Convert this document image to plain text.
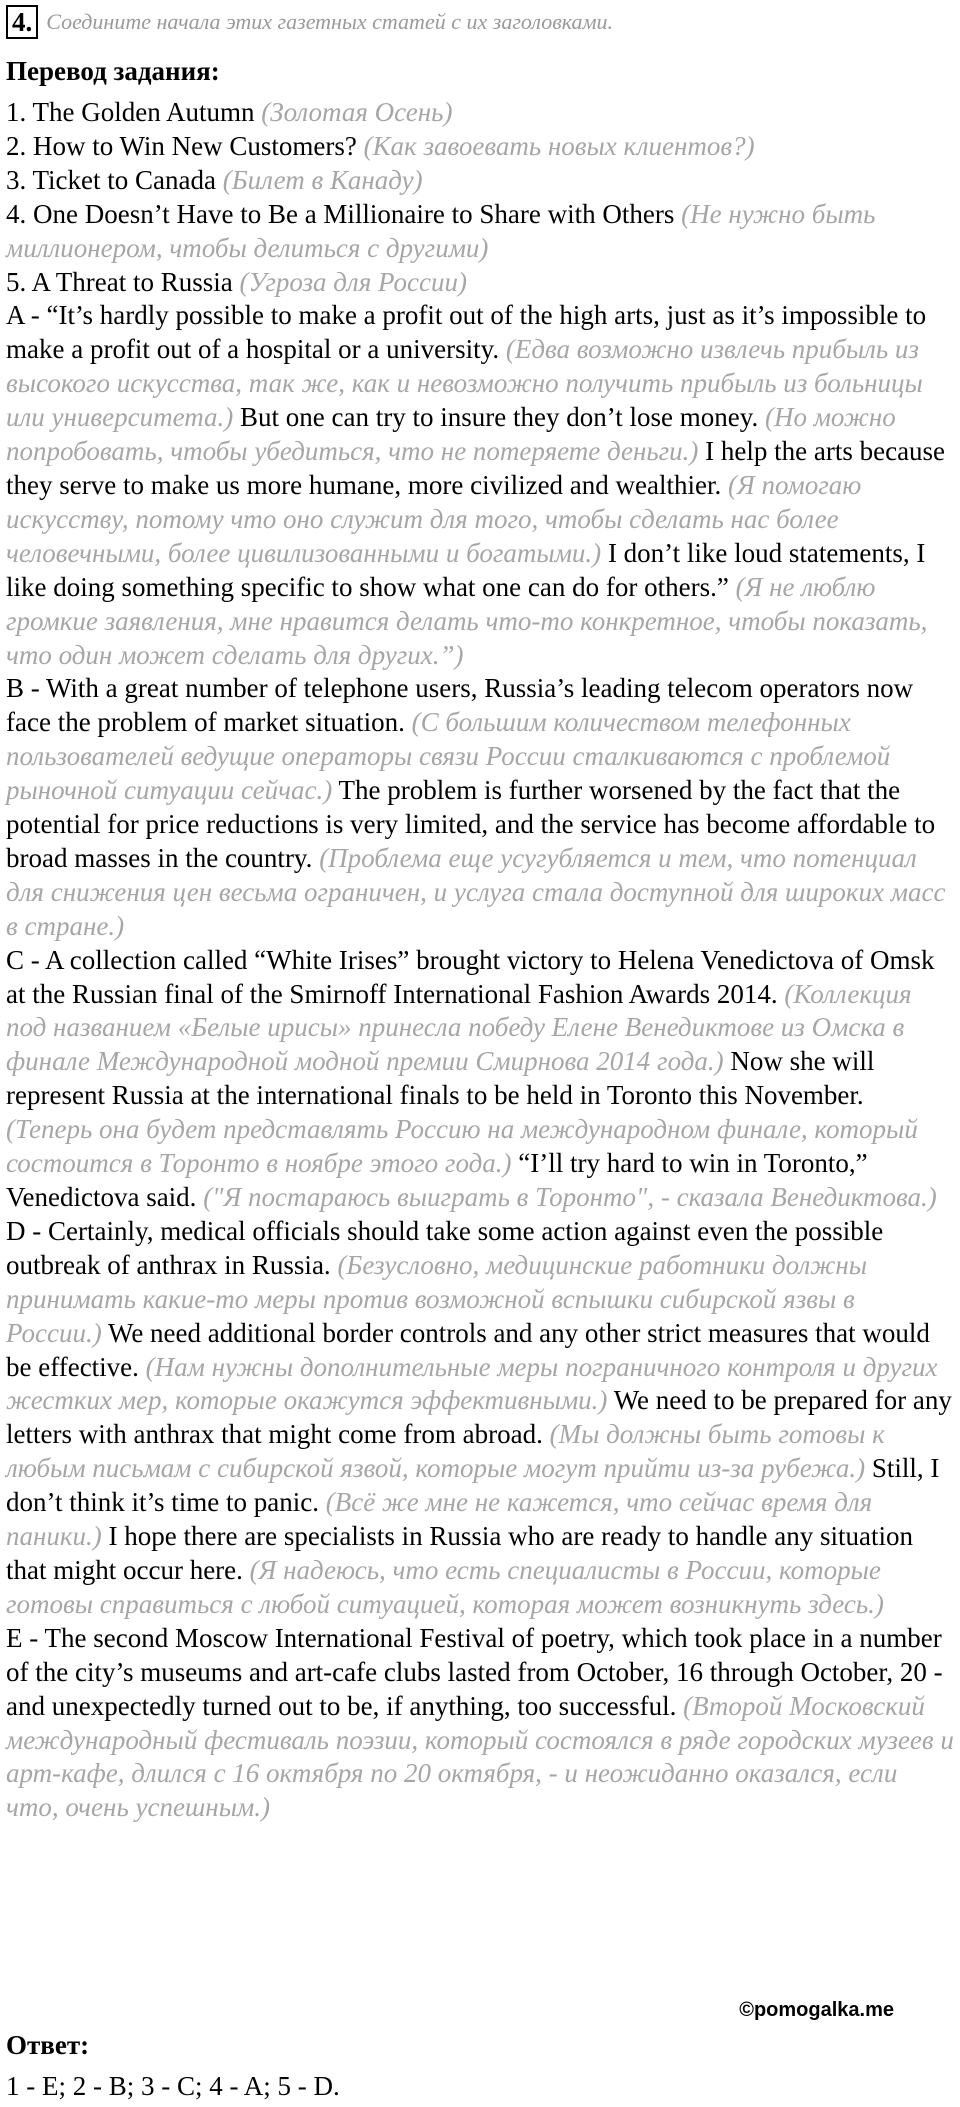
4. Соедините начала этих газетных статей с их заголовками.
Перевод задания:

1. The Golden Autumn (Золотая Осень)

2. How to Win New Customers? (Как завоевать новых клиентов?)

3. Ticket to Canada (Билет в Канаду)

4. One Doesn’t Have to Be a Millionaire to Share with Others (Не нужно быть миллионером, чтобы делиться с другими)

5. A Threat to Russia (Угроза для России)

A - “It’s hardly possible to make a profit out of the high arts, just as it’s impossible to make a profit out of a hospital or a university. (Едва возможно извлечь прибыль из высокого искусства, так же, как и невозможно получить прибыль из больницы или университета.) But one can try to insure they don’t lose money. (Но можно попробовать, чтобы убедиться, что не потеряете деньги.) I help the arts because they serve to make us more humane, more civilized and wealthier. (Я помогаю искусству, потому что оно служит для того, чтобы сделать нас более человечными, более цивилизованными и богатыми.) I don’t like loud statements, I like doing something specific to show what one can do for others.” (Я не люблю громкие заявления, мне нравится делать что-то конкретное, чтобы показать, что один может сделать для других.”)

B - With a great number of telephone users, Russia’s leading telecom operators now face the problem of market situation. (С большим количеством телефонных пользователей ведущие операторы связи России сталкиваются с проблемой рыночной ситуации сейчас.) The problem is further worsened by the fact that the potential for price reductions is very limited, and the service has become affordable to broad masses in the country. (Проблема еще усугубляется и тем, что потенциал для снижения цен весьма ограничен, и услуга стала доступной для широких масс в стране.)

C - A collection called “White Irises” brought victory to Helena Venedictova of Omsk at the Russian final of the Smirnoff International Fashion Awards 2014. (Коллекция под названием «Белые ирисы» принесла победу Елене Венедиктове из Омска в финале Международной модной премии Смирнова 2014 года.) Now she will represent Russia at the international finals to be held in Toronto this November. (Теперь она будет представлять Россию на международном финале, который состоится в Торонто в ноябре этого года.) “I’ll try hard to win in Toronto,” Venedictova said. ("Я постараюсь выиграть в Торонто", - сказала Венедиктова.)

D - Certainly, medical officials should take some action against even the possible outbreak of anthrax in Russia. (Безусловно, медицинские работники должны принимать какие-то меры против возможной вспышки сибирской язвы в России.) We need additional border controls and any other strict measures that would be effective. (Нам нужны дополнительные меры пограничного контроля и других жестких мер, которые окажутся эффективными.) We need to be prepared for any letters with anthrax that might come from abroad. (Мы должны быть готовы к любым письмам с сибирской язвой, которые могут прийти из-за рубежа.) Still, I don’t think it’s time to panic. (Всё же мне не кажется, что сейчас время для паники.) I hope there are specialists in Russia who are ready to handle any situation that might occur here. (Я надеюсь, что есть специалисты в России, которые готовы справиться с любой ситуацией, которая может возникнуть здесь.)

E - The second Moscow International Festival of poetry, which took place in a number of the city’s museums and art-cafe clubs lasted from October, 16 through October, 20 - and unexpectedly turned out to be, if anything, too successful. (Второй Московский международный фестиваль поэзии, который состоялся в ряде городских музеев и арт-кафе, длился с 16 октября по 20 октября, - и неожиданно оказался, если что, очень успешным.)

©pomogalka.me
Ответ:
1 - E; 2 - B; 3 - C; 4 - A; 5 - D.
